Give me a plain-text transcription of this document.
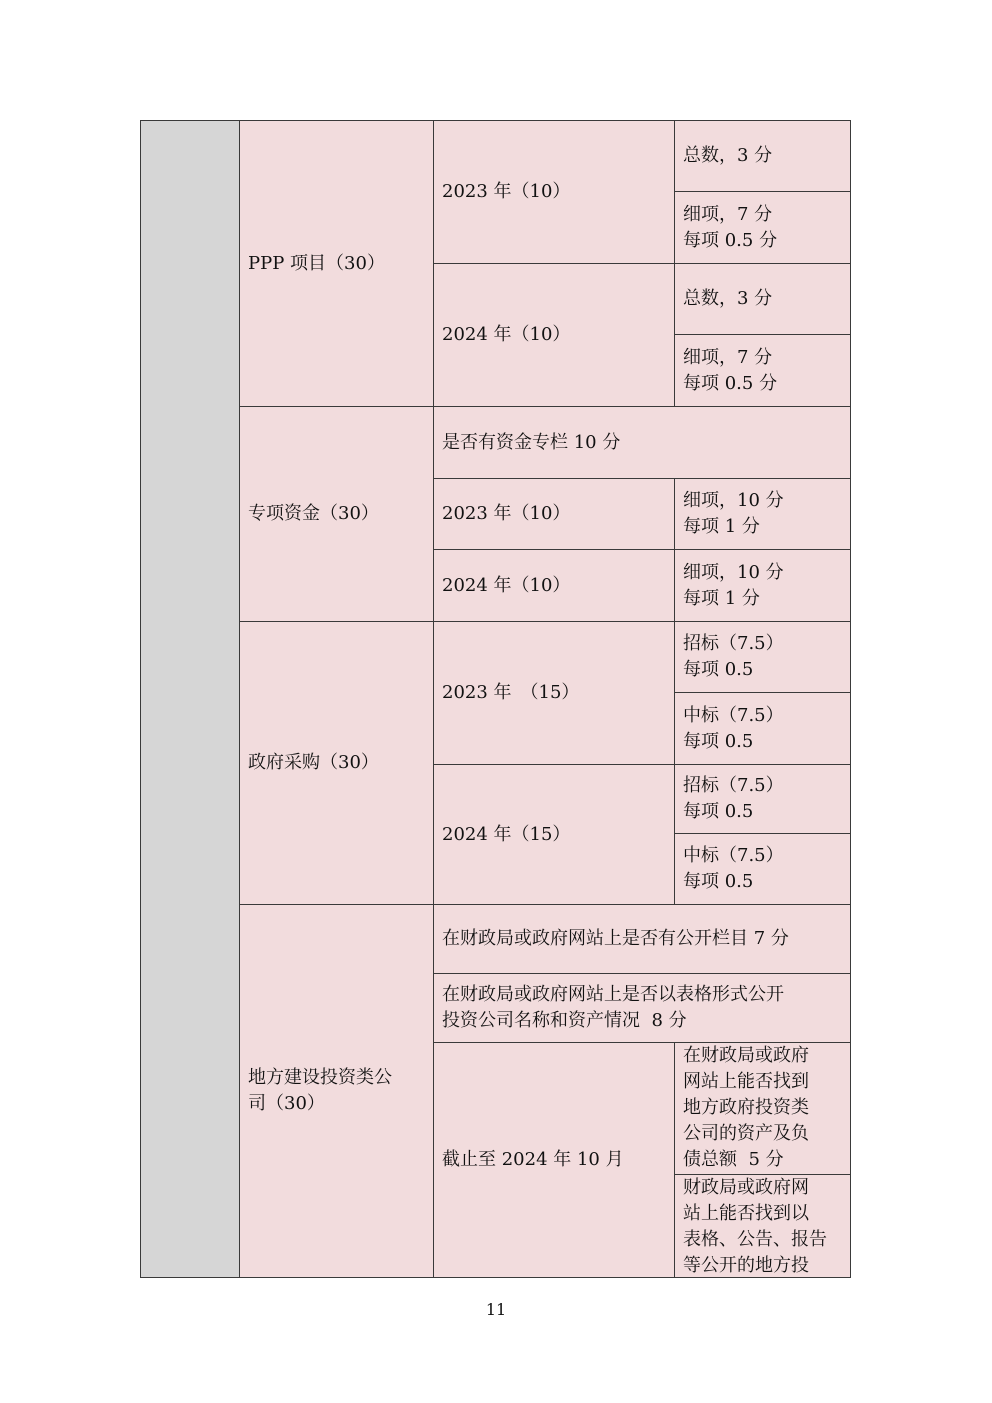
PPP 项目（30）
2023 年（10）
总数，3 分
细项，7 分
每项 0.5 分
2024 年（10）
总数，3 分
细项，7 分
每项 0.5 分
专项资金（30）
是否有资金专栏 10 分
2023 年（10）
细项，10 分
每项 1 分
2024 年（10）
细项，10 分
每项 1 分
政府采购（30）
2023 年　（15）
招标（7.5）
每项 0.5
中标（7.5）
每项 0.5
2024 年（15）
招标（7.5）
每项 0.5
中标（7.5）
每项 0.5
地方建设投资类公
司（30）
在财政局或政府网站上是否有公开栏目 7 分
在财政局或政府网站上是否以表格形式公开
投资公司名称和资产情况  8 分
截止至 2024 年 10 月
在财政局或政府
网站上能否找到
地方政府投资类
公司的资产及负
债总额  5 分
财政局或政府网
站上能否找到以
表格、公告、报告
等公开的地方投
11
